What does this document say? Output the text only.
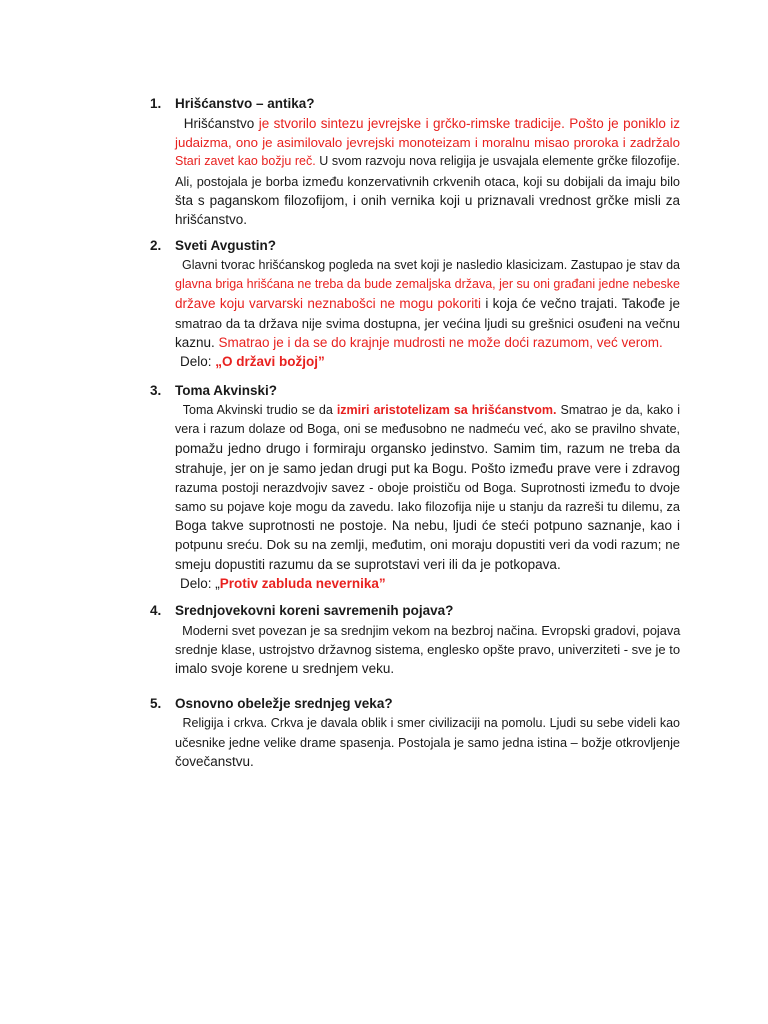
1. Hrišćanstvo – antika?
Hrišćanstvo je stvorilo sintezu jevrejske i grčko-rimske tradicije. Pošto je poniklo iz
judaizma, ono je asimilovalo jevrejski monoteizam i moralnu misao proroka i zadržalo
Stari zavet kao božju reč. U svom razvoju nova religija je usvajala elemente grčke filozofije.
Ali, postojala je borba između konzervativnih crkvenih otaca, koji su dobijali da imaju bilo
šta s paganskom filozofijom, i onih vernika koji u priznavali vrednost grčke misli za
hrišćanstvo.
2. Sveti Avgustin?
Glavni tvorac hrišćanskog pogleda na svet koji je nasledio klasicizam. Zastupao je stav da
glavna briga hrišćana ne treba da bude zemaljska država, jer su oni građani jedne nebeske
države koju varvarski neznabošci ne mogu pokoriti i koja će večno trajati. Takođe je
smatrao da ta država nije svima dostupna, jer većina ljudi su grešnici osuđeni na večnu
kaznu. Smatrao je i da se do krajnje mudrosti ne može doći razumom, već verom.
Delo: „O državi božjoj”
3. Toma Akvinski?
Toma Akvinski trudio se da izmiri aristotelizam sa hrišćanstvom. Smatrao je da, kako i
vera i razum dolaze od Boga, oni se međusobno ne nadmeću već, ako se pravilno shvate,
pomažu jedno drugo i formiraju organsko jedinstvo. Samim tim, razum ne treba da
strahuje, jer on je samo jedan drugi put ka Bogu. Pošto između prave vere i zdravog
razuma postoji nerazdvojiv savez - oboje proističu od Boga. Suprotnosti između to dvoje
samo su pojave koje mogu da zavedu. Iako filozofija nije u stanju da razreši tu dilemu, za
Boga takve suprotnosti ne postoje. Na nebu, ljudi će steći potpuno saznanje, kao i
potpunu sreću. Dok su na zemlji, međutim, oni moraju dopustiti veri da vodi razum; ne
smeju dopustiti razumu da se suprotstavi veri ili da je potkopava.
Delo: „Protiv zabluda nevernika”
4. Srednjovekovni koreni savremenih pojava?
Moderni svet povezan je sa srednjim vekom na bezbroj načina. Evropski gradovi, pojava
srednje klase, ustrojstvo državnog sistema, englesko opšte pravo, univerziteti - sve je to
imalo svoje korene u srednjem veku.
5. Osnovno obeležje srednjeg veka?
Religija i crkva. Crkva je davala oblik i smer civilizaciji na pomolu. Ljudi su sebe videli kao
učesnike jedne velike drame spasenja. Postojala je samo jedna istina – božje otkrovljenje
čovečanstvu.
